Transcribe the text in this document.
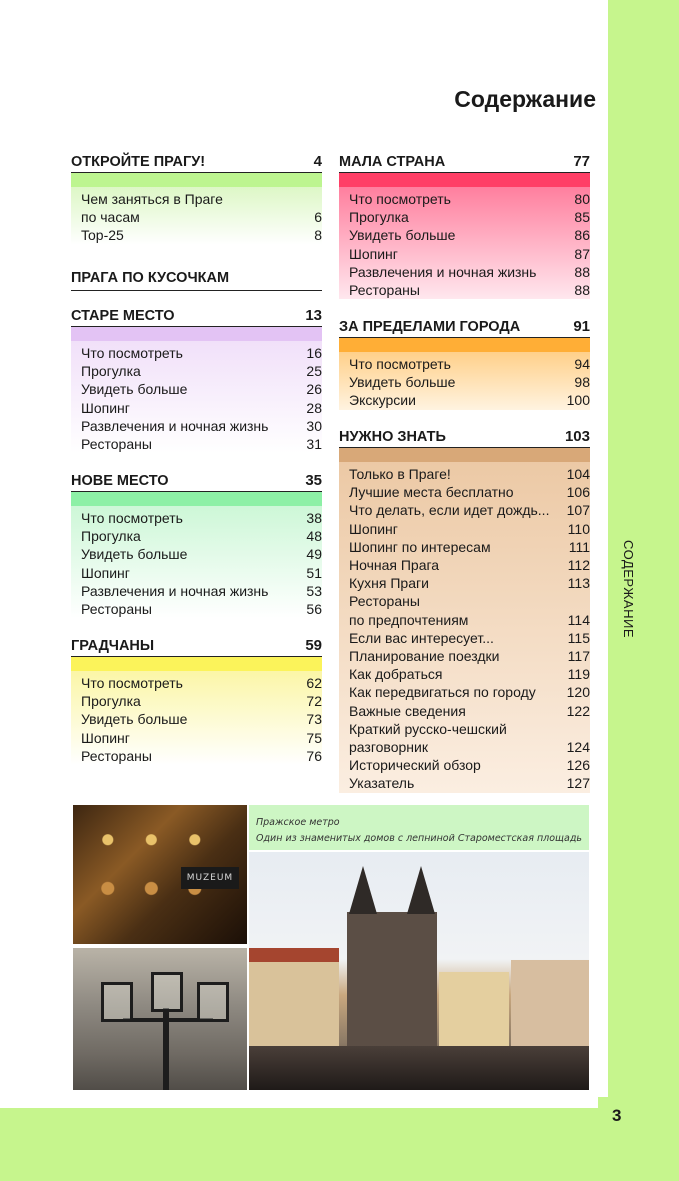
СОДЕРЖАНИЕ
3
Содержание
ОТКРОЙТЕ ПРАГУ!	4
Чем заняться в Праге
по часам	6
Top-25	8
ПРАГА ПО КУСОЧКАМ
СТАРЕ МЕСТО	13
Что посмотреть	16
Прогулка	25
Увидеть больше	26
Шопинг	28
Развлечения и ночная жизнь	30
Рестораны	31
НОВЕ МЕСТО	35
Что посмотреть	38
Прогулка	48
Увидеть больше	49
Шопинг	51
Развлечения и ночная жизнь	53
Рестораны	56
ГРАДЧАНЫ	59
Что посмотреть	62
Прогулка	72
Увидеть больше	73
Шопинг	75
Рестораны	76
МАЛА СТРАНА	77
Что посмотреть	80
Прогулка	85
Увидеть больше	86
Шопинг	87
Развлечения и ночная жизнь	88
Рестораны	88
ЗА ПРЕДЕЛАМИ ГОРОДА	91
Что посмотреть	94
Увидеть больше	98
Экскурсии	100
НУЖНО ЗНАТЬ	103
Только в Праге!	104
Лучшие места бесплатно	106
Что делать, если идет дождь... 107
Шопинг	110
Шопинг по интересам	111
Ночная Прага	112
Кухня Праги	113
Рестораны
по предпочтениям	114
Если вас интересует...	115
Планирование поездки	117
Как добраться	119
Как передвигаться по городу 120
Важные сведения	122
Краткий русско-чешский
разговорник	124
Исторический обзор	126
Указатель	127
MUZEUM
Пражское метро
Один из знаменитых домов с лепниной Староместская площадь
